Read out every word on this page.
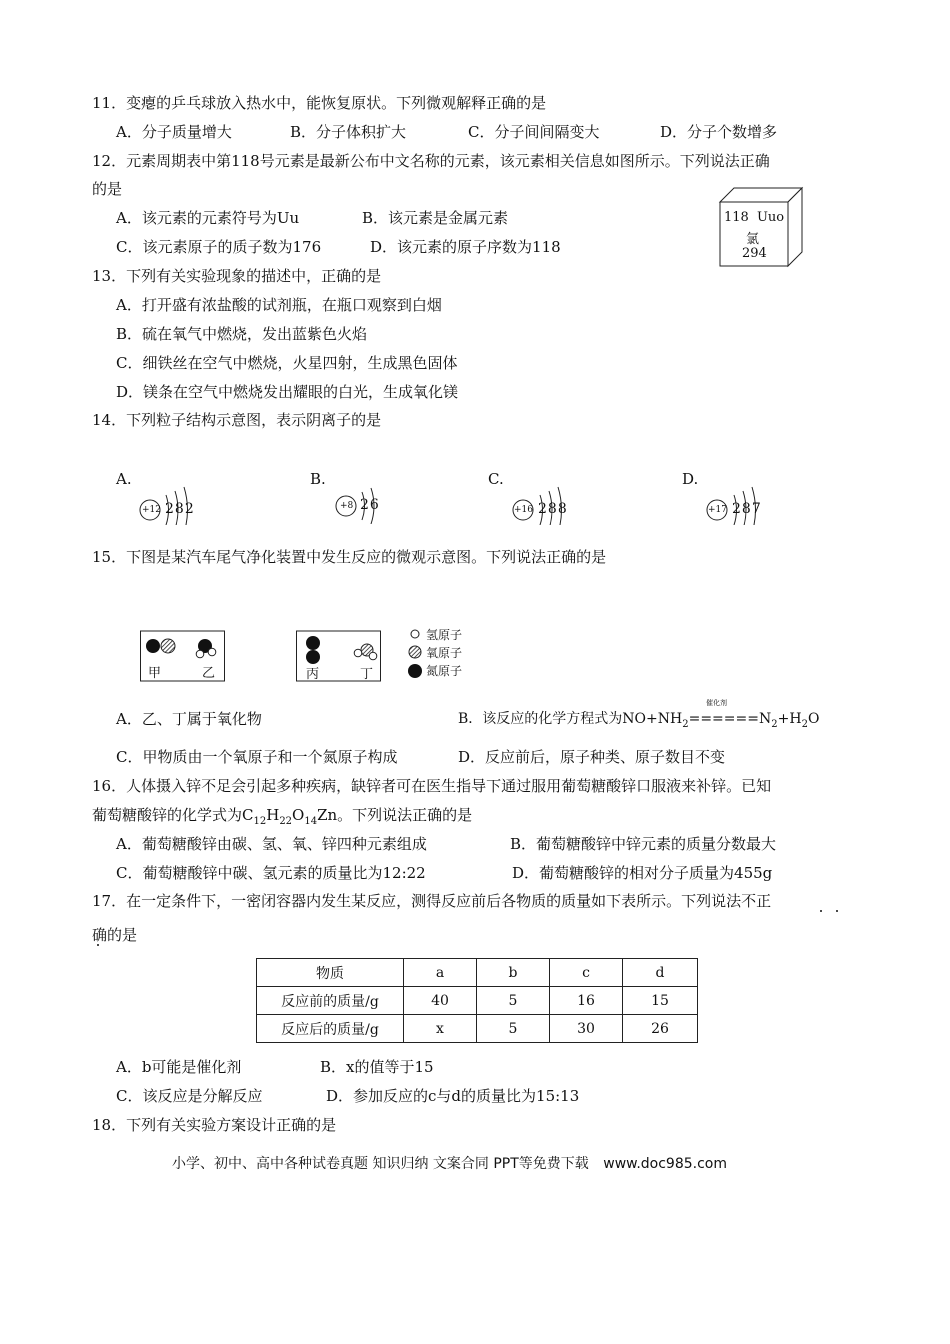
11．变瘪的乒乓球放入热水中，能恢复原状。下列微观解释正确的是
A．分子质量增大	B．分子体积扩大	C．分子间间隔变大	D．分子个数增多
12．元素周期表中第118号元素是最新公布中文名称的元素，该元素相关信息如图所示。下列说法正确
的是
A．该元素的元素符号为Uu	B．该元素是金属元素
C．该元素原子的质子数为176	D．该元素的原子序数为118
118 Uuo
氯
294
13．下列有关实验现象的描述中，正确的是
A．打开盛有浓盐酸的试剂瓶，在瓶口观察到白烟
B．硫在氧气中燃烧，发出蓝紫色火焰
C．细铁丝在空气中燃烧，火星四射，生成黑色固体
D．镁条在空气中燃烧发出耀眼的白光，生成氧化镁
14．下列粒子结构示意图，表示阴离子的是
A.
+12 282
B.
+8 26
C.
+16 288
D.
+17 287
15．下图是某汽车尾气净化装置中发生反应的微观示意图。下列说法正确的是
甲	乙	丙	丁
氢原子
氧原子
氮原子
A．乙、丁属于氧化物
催化剂
B．该反应的化学方程式为$NO+NH_2======N_2+H_2O$
C．甲物质由一个氧原子和一个氮原子构成	D．反应前后，原子种类、原子数目不变
16．人体摄入锌不足会引起多种疾病，缺锌者可在医生指导下通过服用葡萄糖酸锌口服液来补锌。已知
葡萄糖酸锌的化学式为$C_{12}H_{22}O_{14}Zn$。下列说法正确的是
A．葡萄糖酸锌由碳、氢、氧、锌四种元素组成	B．葡萄糖酸锌中锌元素的质量分数最大
C．葡萄糖酸锌中碳、氢元素的质量比为12:22	D．葡萄糖酸锌的相对分子质量为455g
17．在一定条件下，一密闭容器内发生某反应，测得反应前后各物质的质量如下表所示。下列说法不正
确的是
物质	a	b	c	d
反应前的质量/g	40	5	16	15
反应后的质量/g	x	5	30	26
A．b可能是催化剂	B．x的值等于15
C．该反应是分解反应	D．参加反应的c与d的质量比为15:13
18．下列有关实验方案设计正确的是
小学、初中、高中各种试卷真题 知识归纳 文案合同 PPT等免费下载 www.doc985.com
